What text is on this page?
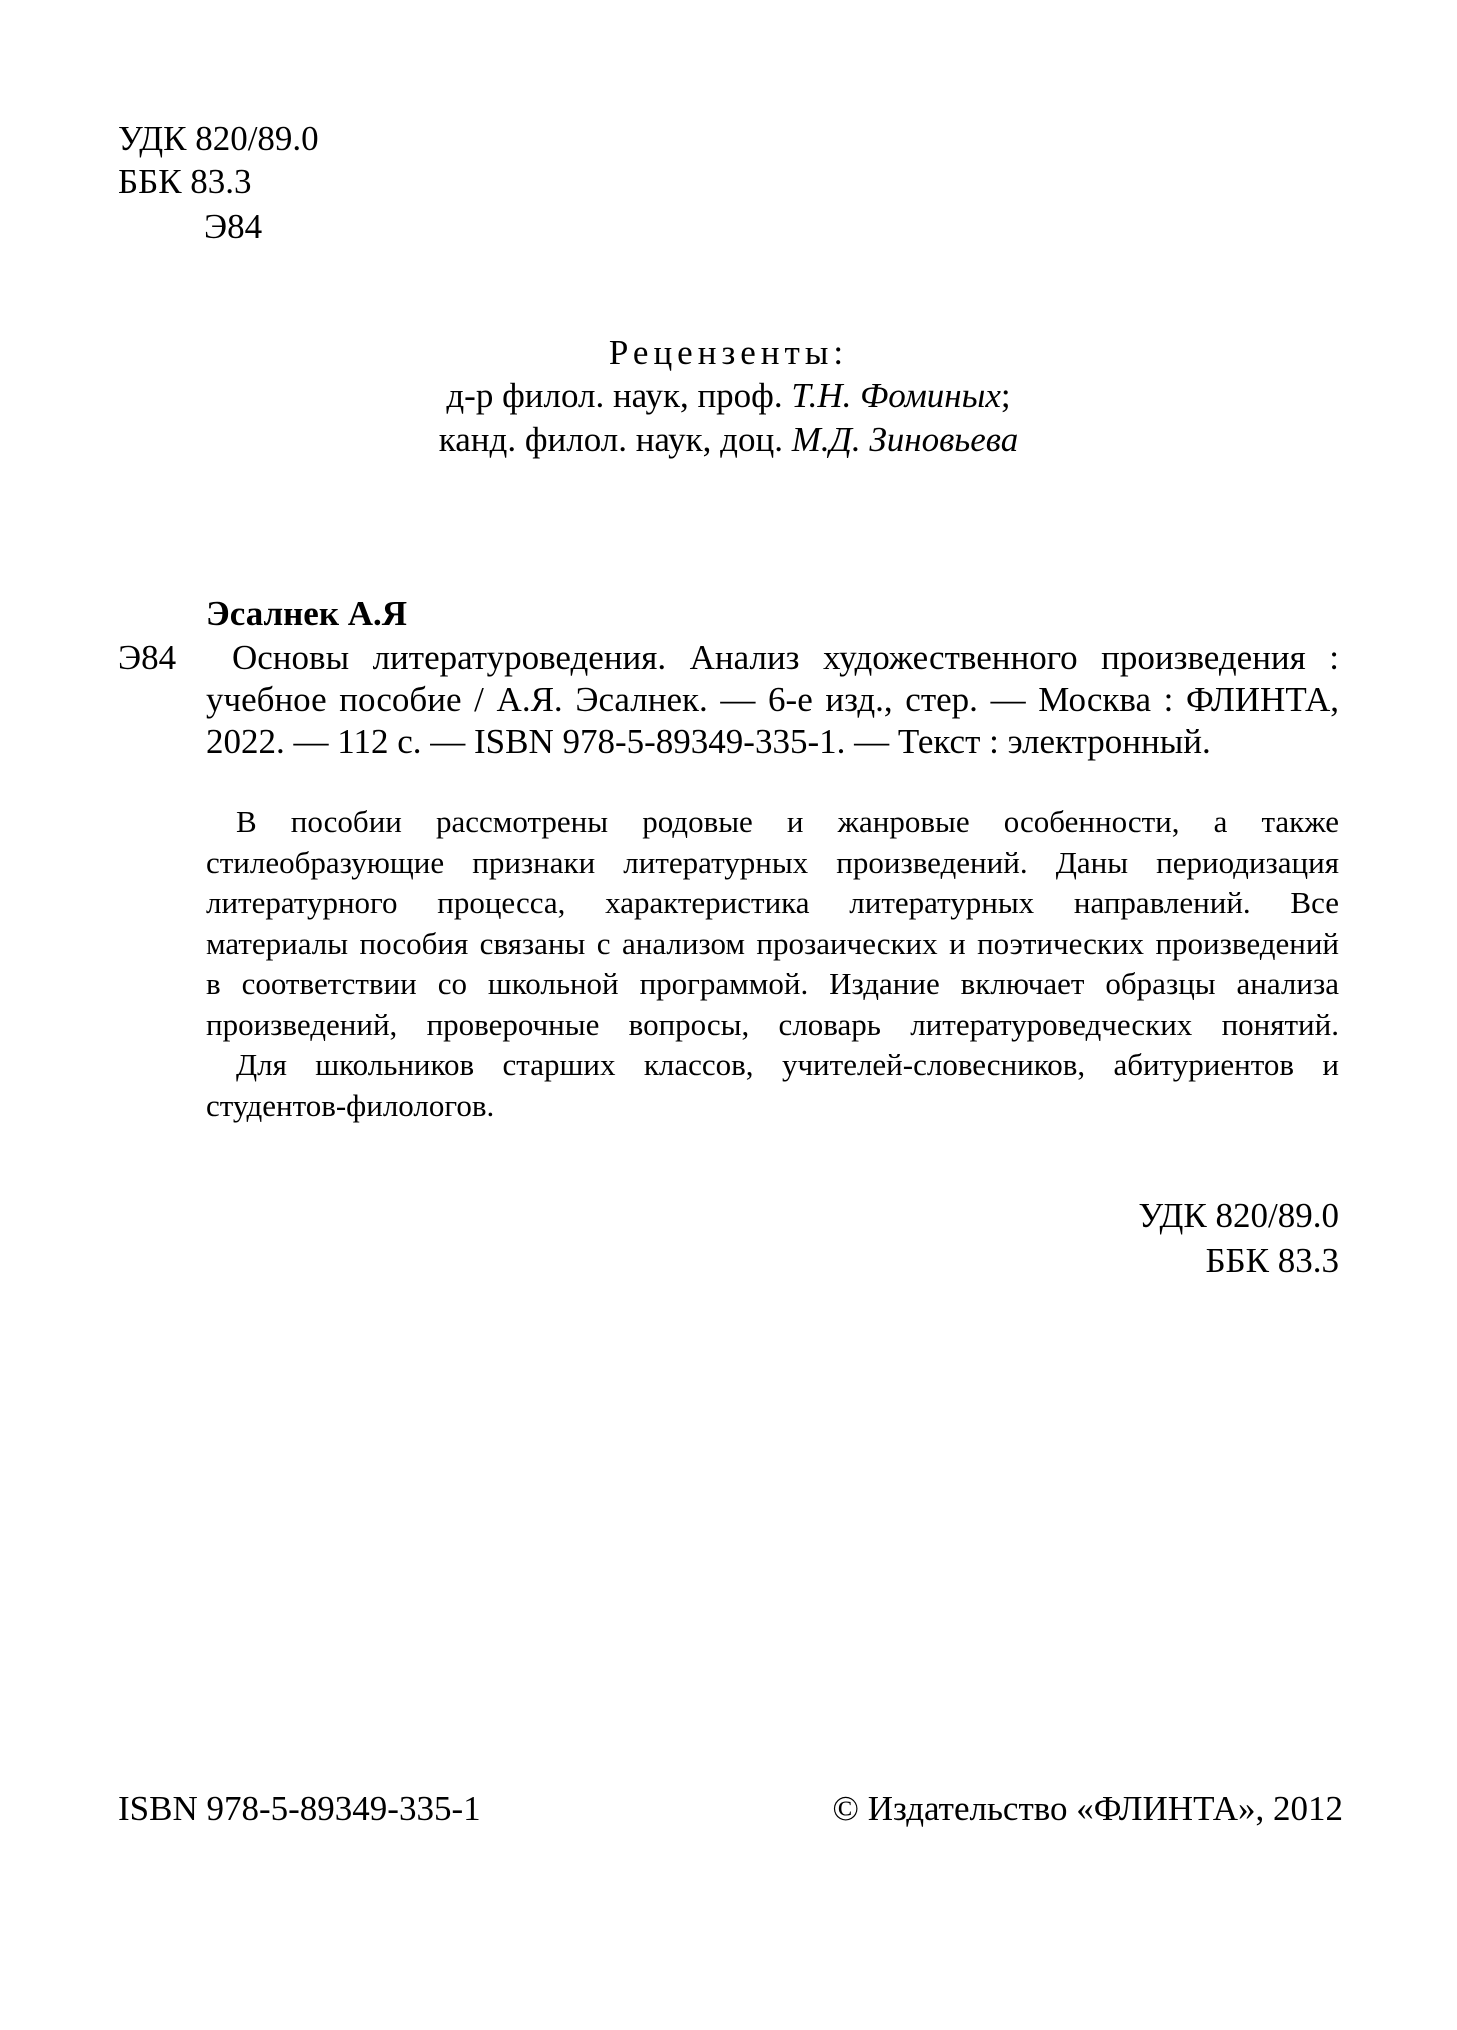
УДК 820/89.0

ББК 83.3

Э84

Рецензенты:

д-р филол. наук, проф. Т.Н. Фоминых;

канд. филол. наук, доц. М.Д. Зиновьева

Эсалнек А.Я

Э84	Основы литературоведения. Анализ художественного произведения :
учебное пособие / А.Я. Эсалнек. — 6-е изд., стер. — Москва : ФЛИНТА,
2022. — 112 с. — ISBN 978-5-89349-335-1. — Текст : электронный.
В пособии рассмотрены родовые и жанровые особенности, а также
стилеобразующие признаки литературных произведений. Даны периодизация
литературного процесса, характеристика литературных направлений. Все
материалы пособия связаны с анализом прозаических и поэтических произведений
в соответствии со школьной программой. Издание включает образцы анализа
произведений, проверочные вопросы, словарь литературоведческих понятий.
Для школьников старших классов, учителей-словесников, абитуриентов и
студентов-филологов.

УДК 820/89.0

ББК 83.3

ISBN 978-5-89349-335-1	© Издательство «ФЛИНТА», 2012
